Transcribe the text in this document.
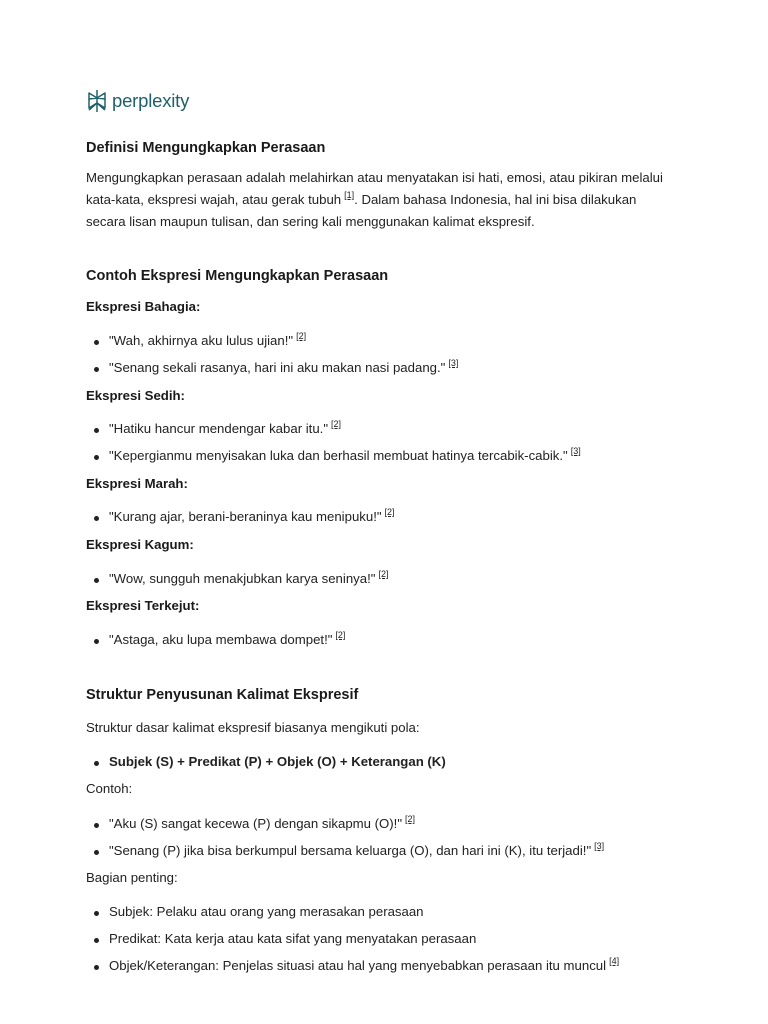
perplexity
Definisi Mengungkapkan Perasaan

Mengungkapkan perasaan adalah melahirkan atau menyatakan isi hati, emosi, atau pikiran melalui kata-kata, ekspresi wajah, atau gerak tubuh [1]. Dalam bahasa Indonesia, hal ini bisa dilakukan secara lisan maupun tulisan, dan sering kali menggunakan kalimat ekspresif.

Contoh Ekspresi Mengungkapkan Perasaan

Ekspresi Bahagia:

"Wah, akhirnya aku lulus ujian!" [2]
"Senang sekali rasanya, hari ini aku makan nasi padang." [3]

Ekspresi Sedih:

"Hatiku hancur mendengar kabar itu." [2]
"Kepergianmu menyisakan luka dan berhasil membuat hatinya tercabik-cabik." [3]

Ekspresi Marah:

"Kurang ajar, berani-beraninya kau menipuku!" [2]

Ekspresi Kagum:

"Wow, sungguh menakjubkan karya seninya!" [2]

Ekspresi Terkejut:

"Astaga, aku lupa membawa dompet!" [2]
Struktur Penyusunan Kalimat Ekspresif

Struktur dasar kalimat ekspresif biasanya mengikuti pola:

Subjek (S) + Predikat (P) + Objek (O) + Keterangan (K)

Contoh:

"Aku (S) sangat kecewa (P) dengan sikapmu (O)!" [2]
"Senang (P) jika bisa berkumpul bersama keluarga (O), dan hari ini (K), itu terjadi!" [3]

Bagian penting:

Subjek: Pelaku atau orang yang merasakan perasaan
Predikat: Kata kerja atau kata sifat yang menyatakan perasaan
Objek/Keterangan: Penjelas situasi atau hal yang menyebabkan perasaan itu muncul [4]
